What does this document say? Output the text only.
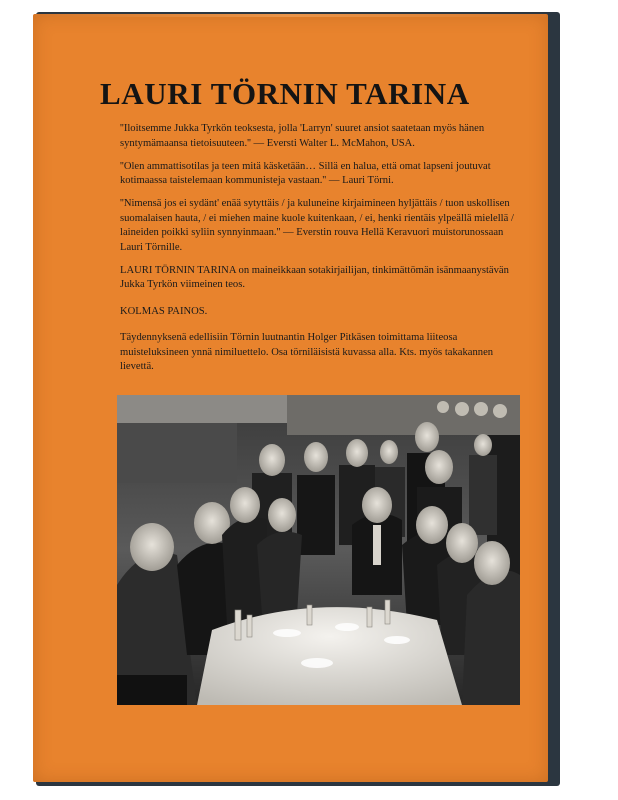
LAURI TÖRNIN TARINA

''Iloitsemme Jukka Tyrkön teoksesta, jolla 'Larryn' suuret ansiot saatetaan myös hänen syntymämaansa tietoisuuteen.'' — Eversti Walter L. McMahon, USA.

''Olen ammattisotilas ja teen mitä käsketään… Sillä en halua, että omat lapseni joutuvat kotimaassa taistelemaan kommunisteja vastaan.'' — Lauri Törni.

''Nimensä jos ei sydänt' enää sytyttäis / ja kuluneine kirjaimineen hyljättäis / tuon uskollisen suomalaisen hauta, / ei miehen maine kuole kuitenkaan, / ei, henki rientäis ylpeällä mielellä / laineiden poikki syliin synnyinmaan.'' — Everstin rouva Hellä Keravuori muistorunossaan Lauri Törnille.

LAURI TÖRNIN TARINA on maineikkaan sotakirjailijan, tinkimättömän isänmaanystävän Jukka Tyrkön viimeinen teos.

KOLMAS PAINOS.

Täydennyksenä edellisiin Törnin luutnantin Holger Pitkäsen toimittama liiteosa muisteluksineen ynnä nimiluettelo. Osa törniläisistä kuvassa alla. Kts. myös takakannen lievettä.
